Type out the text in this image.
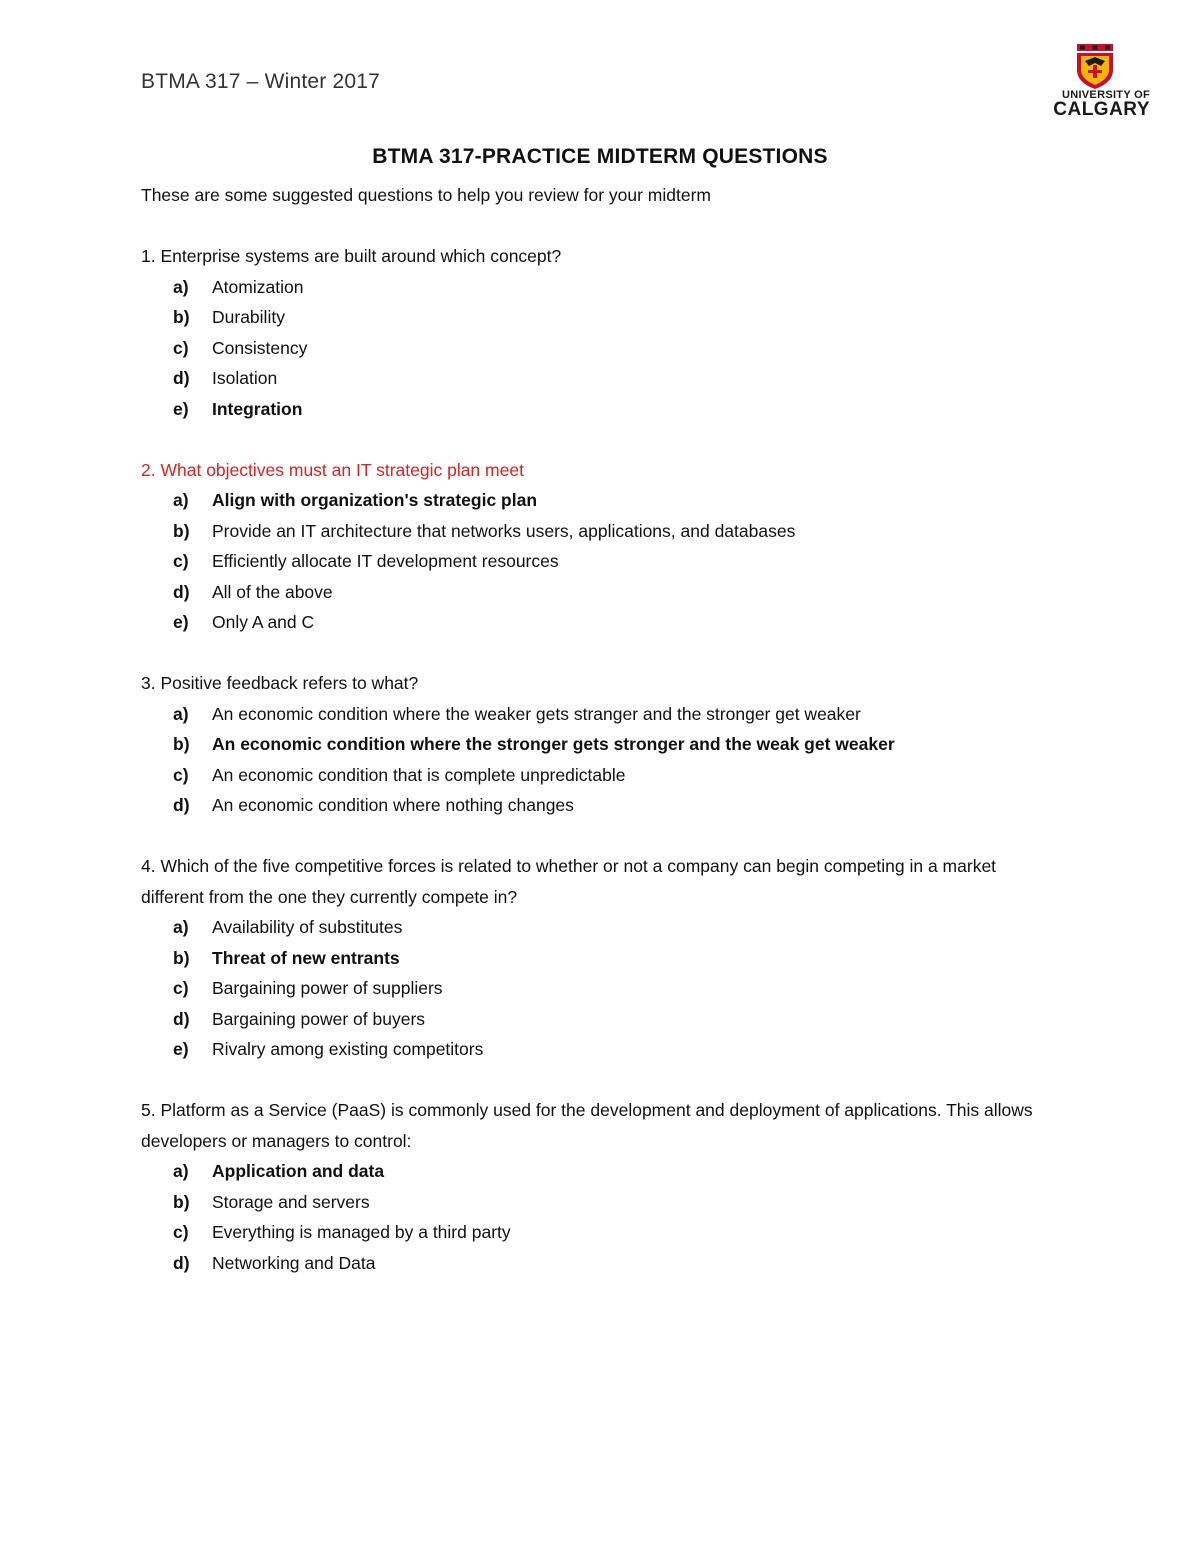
BTMA 317 – Winter 2017
UNIVERSITY OF
CALGARY
BTMA 317-PRACTICE MIDTERM QUESTIONS

These are some suggested questions to help you review for your midterm

1. Enterprise systems are built around which concept?

a)	Atomization
b)	Durability
c)	Consistency
d)	Isolation
e)	Integration

2. What objectives must an IT strategic plan meet

a)	Align with organization's strategic plan
b)	Provide an IT architecture that networks users, applications, and databases
c)	Efficiently allocate IT development resources
d)	All of the above
e)	Only A and C

3. Positive feedback refers to what?

a)	An economic condition where the weaker gets stranger and the stronger get weaker
b)	An economic condition where the stronger gets stronger and the weak get weaker
c)	An economic condition that is complete unpredictable
d)	An economic condition where nothing changes

4. Which of the five competitive forces is related to whether or not a company can begin competing in a market different from the one they currently compete in?

a)	Availability of substitutes
b)	Threat of new entrants
c)	Bargaining power of suppliers
d)	Bargaining power of buyers
e)	Rivalry among existing competitors

5. Platform as a Service (PaaS) is commonly used for the development and deployment of applications. This allows developers or managers to control:

a)	Application and data
b)	Storage and servers
c)	Everything is managed by a third party
d)	Networking and Data
